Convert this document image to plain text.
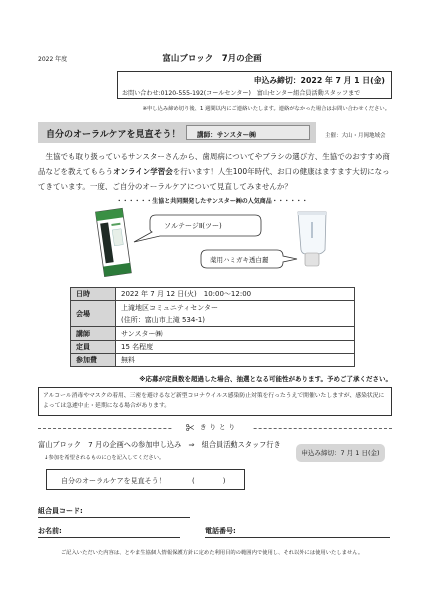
2022 年度	富山ブロック　7月の企画
申込み締切：2022 年 7 月 1 日(金)
お問い合わせ:0120-555-192(コールセンター)　富山センター組合員活動スタッフまで
※申し込み締め切り後、1 週間以内にご連絡いたします。連絡がなかった場合はお問い合わせください。
自分のオーラルケアを見直そう！ 講師：サンスター㈱	主催：大山・月岡地域会
生協でも取り扱っているサンスターさんから、歯周病についてやブラシの選び方、生協でのおすすめ商品などを教えてもらうオンライン学習会を行います！人生100年時代、お口の健康はますます大切になってきています。一度、ご自分のオーラルケアについて見直してみませんか？
・・・・・・生協と共同開発したサンスター㈱の人気商品・・・・・・
ソルテージⅡ(ツー)
薬用ハミガキ透白麗
日時	2022 年 7 月 12 日(火)　10:00～12:00
会場	上滝地区コミュニティセンター
(住所：富山市上滝 534-1)

講師	サンスター㈱
定員	15 名程度
参加費	無料
※応募が定員数を超過した場合、抽選となる可能性があります。予めご了承ください。
アルコール消毒やマスクの着用、三密を避けるなど新型コロナウイルス感染防止対策を行ったうえで開催いたしますが、感染状況によっては急遽中止・延期になる場合があります。
きりとり
富山ブロック　7 月の企画への参加申し込み　⇒　組合員活動スタッフ行き
申込み締切：7 月 1 日(金)
↓参加を希望されるものに○を記入してください。
自分のオーラルケアを見直そう！	(　　　　)
組合員コード:
お名前:	電話番号:
ご記入いただいた内容は、とやま生協個人情報保護方針に定めた利用目的の範囲内で使用し、それ以外には使用いたしません。
